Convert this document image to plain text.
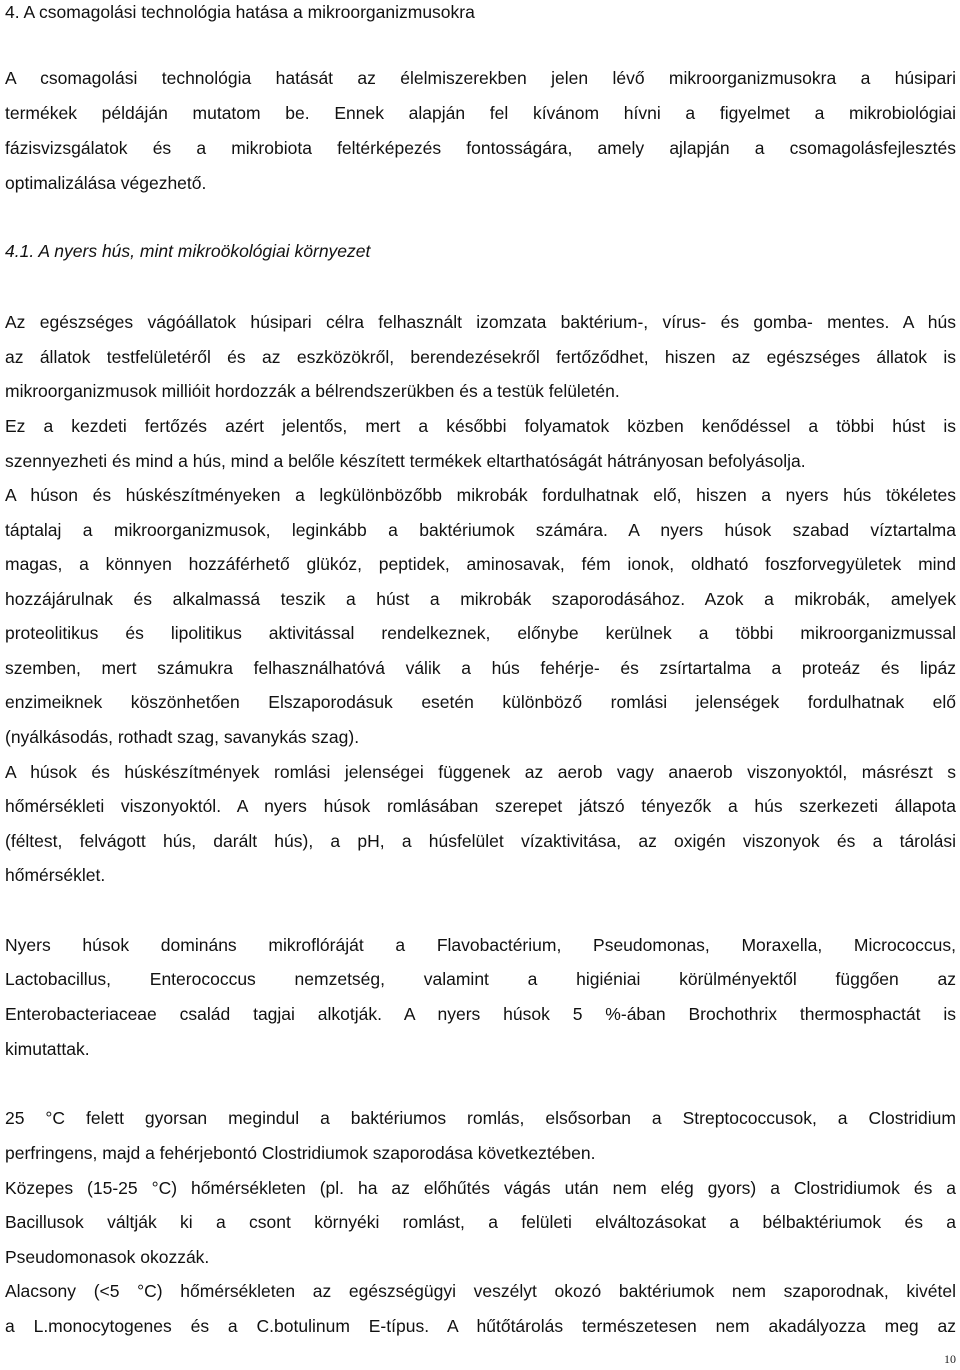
4. A csomagolási technológia hatása a mikroorganizmusokra
A csomagolási technológia hatását az élelmiszerekben jelen lévő mikroorganizmusokra a húsipari
termékek példáján mutatom be. Ennek alapján fel kívánom hívni a figyelmet a mikrobiológiai
fázisvizsgálatok és a mikrobiota feltérképezés fontosságára, amely ajlapján a csomagolásfejlesztés
optimalizálása végezhető.
4.1. A nyers hús, mint mikroökológiai környezet
Az egészséges vágóállatok húsipari célra felhasznált izomzata baktérium-, vírus- és gomba- mentes. A hús
az állatok testfelületéről és az eszközökről, berendezésekről fertőződhet, hiszen az egészséges állatok is
mikroorganizmusok millióit hordozzák a bélrendszerükben és a testük felületén.
Ez a kezdeti fertőzés azért jelentős, mert a későbbi folyamatok közben kenődéssel a többi húst is
szennyezheti és mind a hús, mind a belőle készített termékek eltarthatóságát hátrányosan befolyásolja.
A húson és húskészítményeken a legkülönbözőbb mikrobák fordulhatnak elő, hiszen a nyers hús tökéletes
táptalaj a mikroorganizmusok, leginkább a baktériumok számára. A nyers húsok szabad víztartalma
magas, a könnyen hozzáférhető glükóz, peptidek, aminosavak, fém ionok, oldható foszforvegyületek mind
hozzájárulnak és alkalmassá teszik a húst a mikrobák szaporodásához. Azok a mikrobák, amelyek
proteolitikus és lipolitikus aktivitással rendelkeznek, előnybe kerülnek a többi mikroorganizmussal
szemben, mert számukra felhasználhatóvá válik a hús fehérje- és zsírtartalma a proteáz és lipáz
enzimeiknek köszönhetően Elszaporodásuk esetén különböző romlási jelenségek fordulhatnak elő
(nyálkásodás, rothadt szag, savanykás szag).
A húsok és húskészítmények romlási jelenségei függenek az aerob vagy anaerob viszonyoktól, másrészt s
hőmérsékleti viszonyoktól. A nyers húsok romlásában szerepet játszó tényezők a hús szerkezeti állapota
(féltest, felvágott hús, darált hús), a pH, a húsfelület vízaktivitása, az oxigén viszonyok és a tárolási
hőmérséklet.
Nyers húsok domináns mikroflóráját a Flavobactérium, Pseudomonas, Moraxella, Micrococcus,
Lactobacillus, Enterococcus nemzetség, valamint a higiéniai körülményektől függően az
Enterobacteriaceae család tagjai alkotják. A nyers húsok 5 %-ában Brochothrix thermosphactát is
kimutattak.
25 °C felett gyorsan megindul a baktériumos romlás, elsősorban a Streptococcusok, a Clostridium
perfringens, majd a fehérjebontó Clostridiumok szaporodása következtében.
Közepes (15-25 °C) hőmérsékleten (pl. ha az előhűtés vágás után nem elég gyors) a Clostridiumok és a
Bacillusok váltják ki a csont környéki romlást, a felületi elváltozásokat a bélbaktériumok és a
Pseudomonasok okozzák.
Alacsony (<5 °C) hőmérsékleten az egészségügyi veszélyt okozó baktériumok nem szaporodnak, kivétel
a L.monocytogenes és a C.botulinum E-típus. A hűtőtárolás természetesen nem akadályozza meg az
10
